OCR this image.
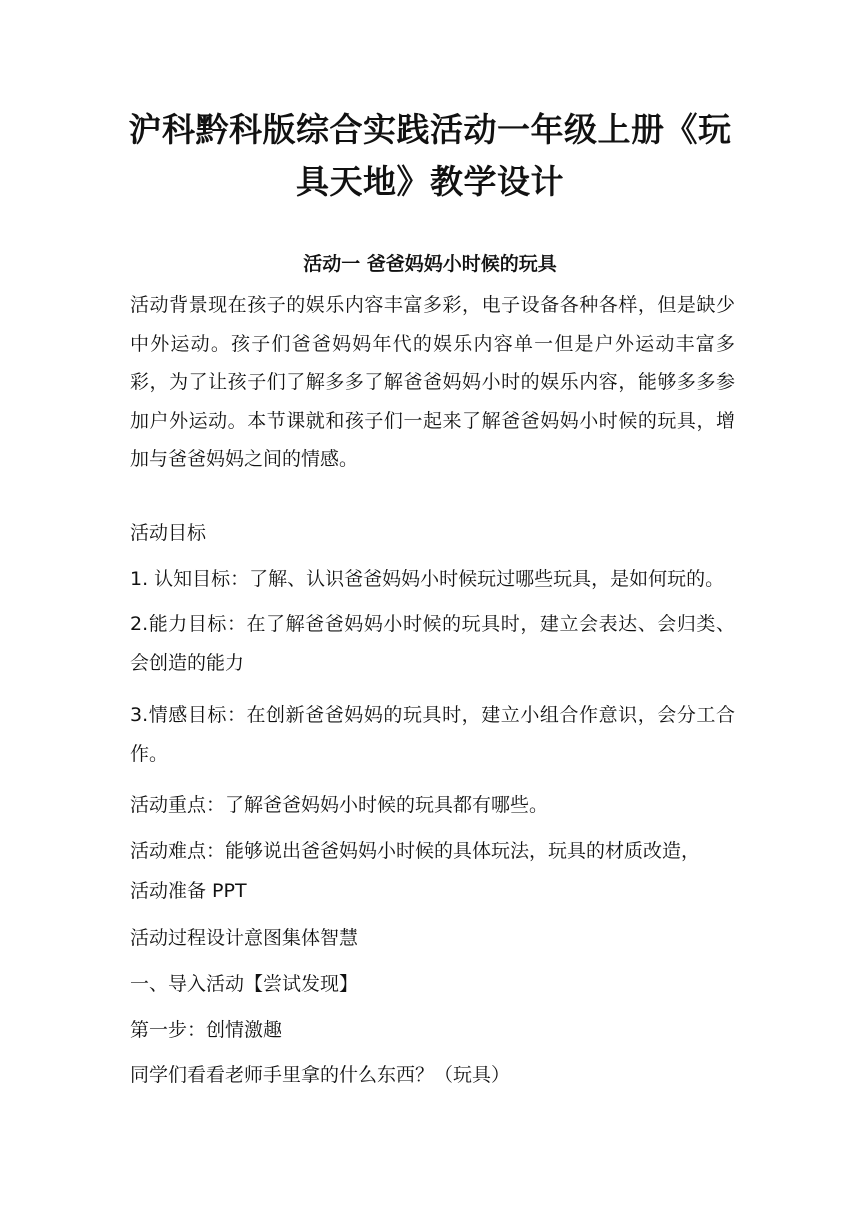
沪科黔科版综合实践活动一年级上册《玩具天地》教学设计
活动一 爸爸妈妈小时候的玩具

活动背景现在孩子的娱乐内容丰富多彩，电子设备各种各样，但是缺少中外运动。孩子们爸爸妈妈年代的娱乐内容单一但是户外运动丰富多彩，为了让孩子们了解多多了解爸爸妈妈小时的娱乐内容，能够多多参加户外运动。本节课就和孩子们一起来了解爸爸妈妈小时候的玩具，增加与爸爸妈妈之间的情感。

活动目标

1. 认知目标：了解、认识爸爸妈妈小时候玩过哪些玩具，是如何玩的。

2.能力目标：在了解爸爸妈妈小时候的玩具时，建立会表达、会归类、会创造的能力

3.情感目标：在创新爸爸妈妈的玩具时，建立小组合作意识，会分工合作。

活动重点：了解爸爸妈妈小时候的玩具都有哪些。

活动难点：能够说出爸爸妈妈小时候的具体玩法，玩具的材质改造，

活动准备 PPT

活动过程设计意图集体智慧

一、导入活动【尝试发现】

第一步：创情激趣

同学们看看老师手里拿的什么东西？（玩具）
